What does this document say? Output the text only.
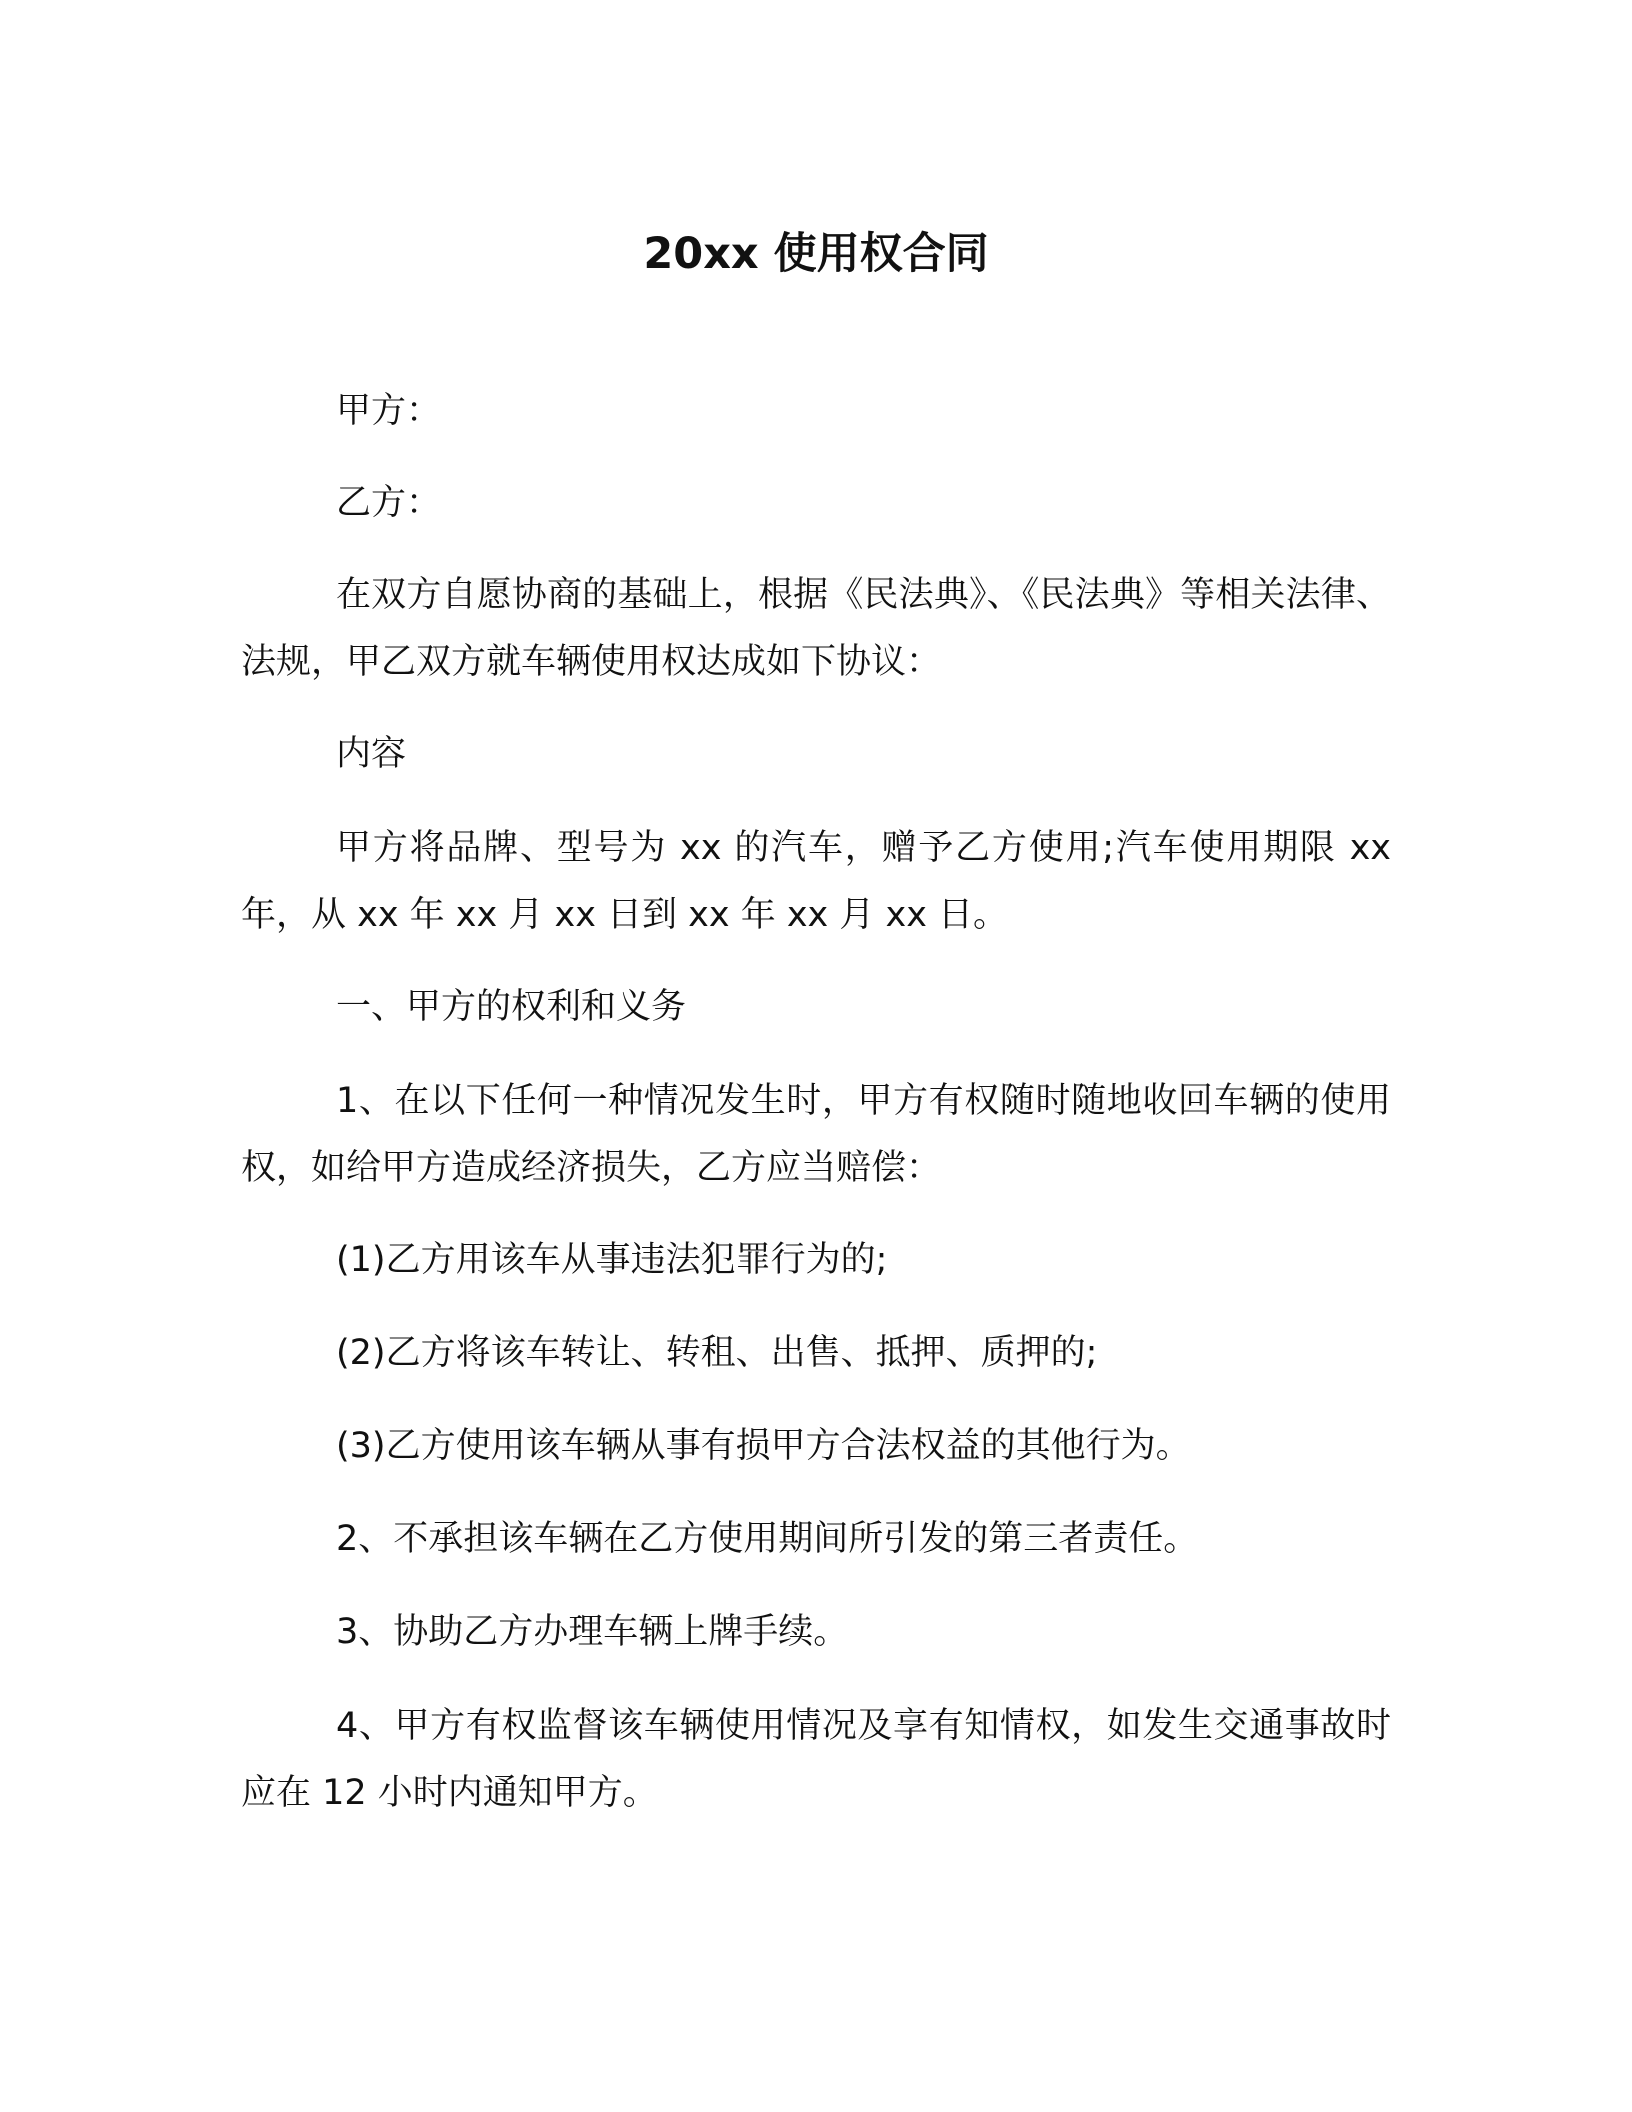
20xx 使用权合同

甲方：

乙方：

在双方自愿协商的基础上，根据《民法典》、《民法典》等相关法律、法规，甲乙双方就车辆使用权达成如下协议：

内容

甲方将品牌、型号为 xx 的汽车，赠予乙方使用;汽车使用期限 xx 年，从 xx 年 xx 月 xx 日到 xx 年 xx 月 xx 日。

一、甲方的权利和义务

1、在以下任何一种情况发生时，甲方有权随时随地收回车辆的使用权，如给甲方造成经济损失，乙方应当赔偿：

(1)乙方用该车从事违法犯罪行为的;

(2)乙方将该车转让、转租、出售、抵押、质押的;

(3)乙方使用该车辆从事有损甲方合法权益的其他行为。

2、不承担该车辆在乙方使用期间所引发的第三者责任。

3、协助乙方办理车辆上牌手续。

4、甲方有权监督该车辆使用情况及享有知情权，如发生交通事故时应在 12 小时内通知甲方。
